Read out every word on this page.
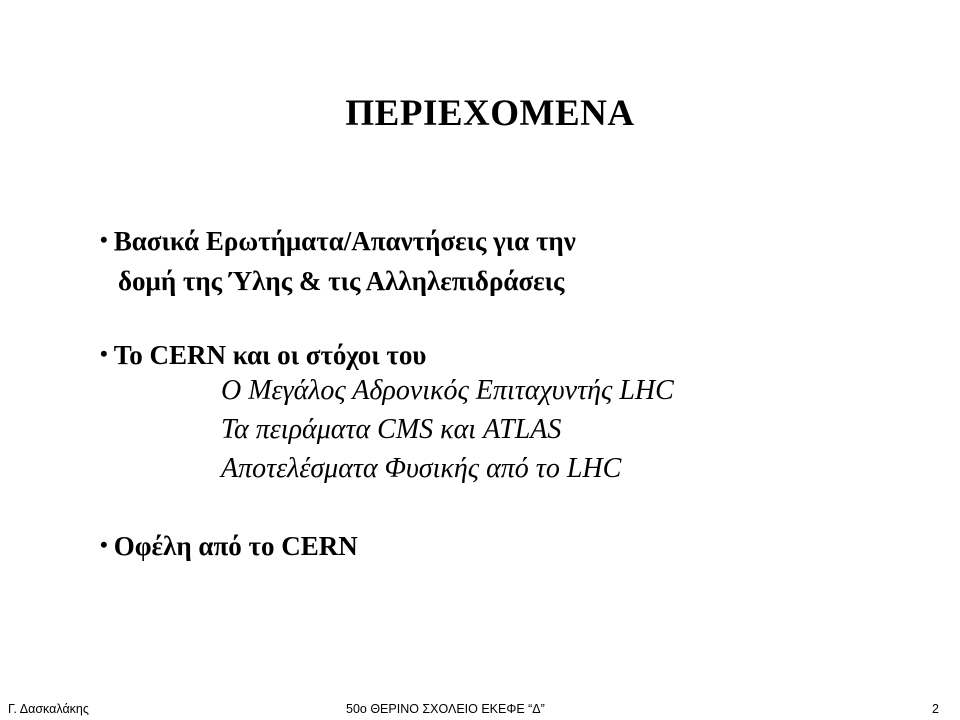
ΠΕΡΙΕΧΟΜΕΝΑ
• Βασικά Ερωτήματα/Απαντήσεις για την
δομή της Ύλης & τις Αλληλεπιδράσεις
• Το CERN και οι στόχοι του
Ο Μεγάλος Αδρονικός Επιταχυντής LHC
Τα πειράματα CMS και ATLAS
Αποτελέσματα Φυσικής από το LHC
• Οφέλη από το CERN
Γ. Δασκαλάκης	50ο ΘΕΡΙΝΟ ΣΧΟΛΕΙΟ ΕΚΕΦΕ “Δ”	2
